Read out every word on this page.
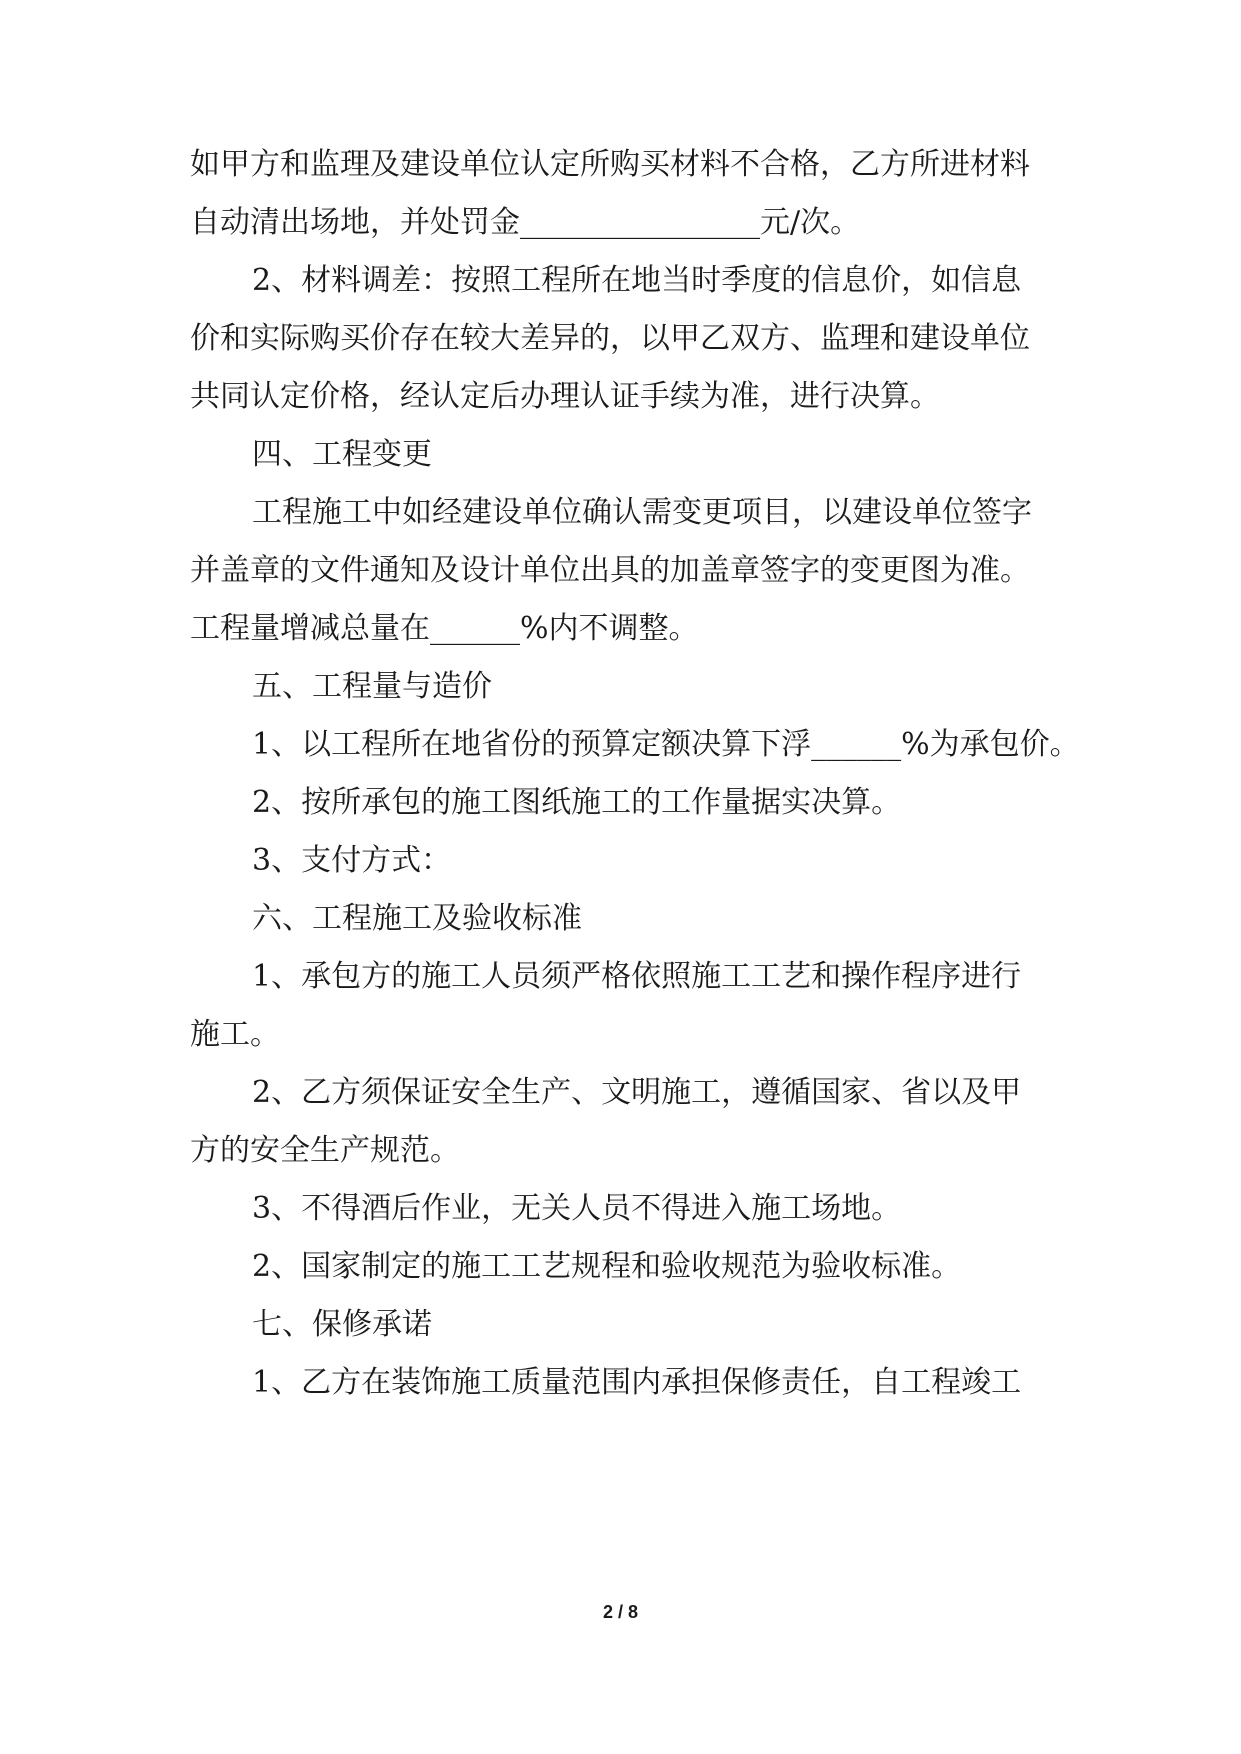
如甲方和监理及建设单位认定所购买材料不合格，乙方所进材料

自动清出场地，并处罚金________________元/次。

2、材料调差：按照工程所在地当时季度的信息价，如信息

价和实际购买价存在较大差异的，以甲乙双方、监理和建设单位

共同认定价格，经认定后办理认证手续为准，进行决算。

四、工程变更

工程施工中如经建设单位确认需变更项目，以建设单位签字

并盖章的文件通知及设计单位出具的加盖章签字的变更图为准。

工程量增减总量在______%内不调整。

五、工程量与造价

1、以工程所在地省份的预算定额决算下浮______%为承包价。

2、按所承包的施工图纸施工的工作量据实决算。

3、支付方式：

六、工程施工及验收标准

1、承包方的施工人员须严格依照施工工艺和操作程序进行

施工。

2、乙方须保证安全生产、文明施工，遵循国家、省以及甲

方的安全生产规范。

3、不得酒后作业，无关人员不得进入施工场地。

2、国家制定的施工工艺规程和验收规范为验收标准。

七、保修承诺

1、乙方在装饰施工质量范围内承担保修责任，自工程竣工

2 / 8
